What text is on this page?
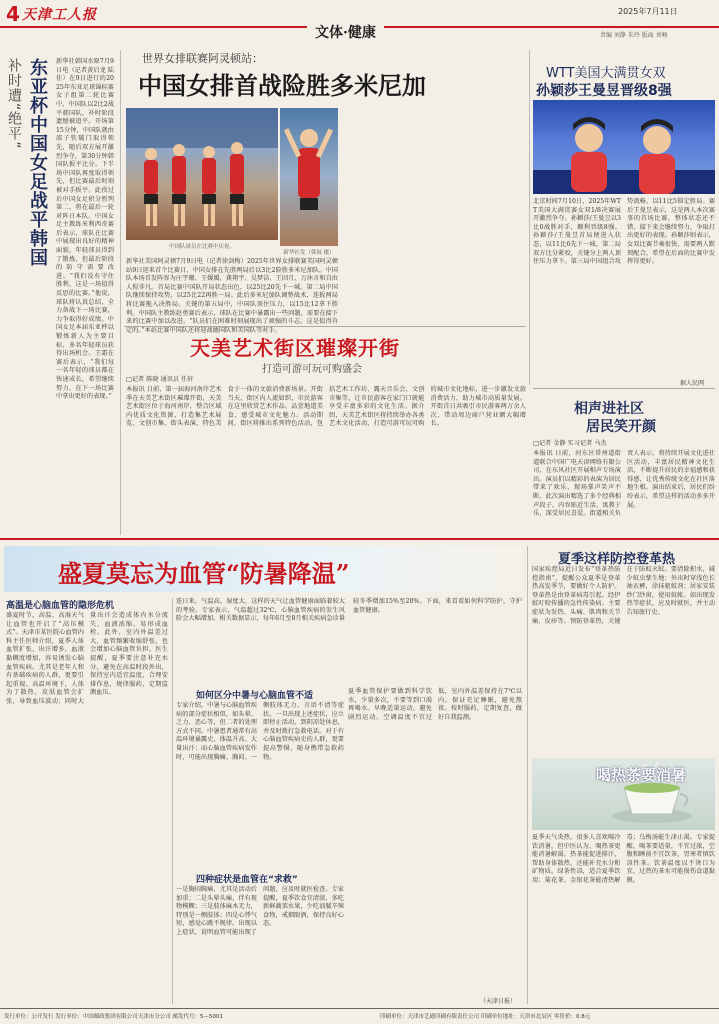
4 天津工人报	2025年7月11日
文体·健康	责编 刘静 朱玲 版面 刘畅
补时遭“绝平” 东亚杯中国女足战平韩国	新华社韩国水原7月9日电（记者黄启龙 陆佳）在9日进行的2025年东亚足球锦标赛女子组第二轮比赛中，中国队以2比2战平韩国队，补时阶段遗憾被追平。开场第15分钟，中国队就由邵子钦破门取得领先，随后双方展开激烈争夺，第30分钟韩国队扳平比分。下半场中国队再度取得领先，但比赛最后时刻被对手扳平。此役过后中国女足积分暂列第二，将在最后一轮对阵日本队。中国女足主教练米利西奇赛后表示，球队在比赛中展现出良好的精神面貌，年轻球员得到了锻炼，但最后阶段的防守需要改进。“我们没有守住胜利，这是一场值得反思的比赛。”他说，球队将认真总结，全力备战下一场比赛，力争取得好成绩。中国女足本届东亚杯以锻炼新人为主要目标，多名年轻球员获得出场机会。王霜在赛后表示，“我们每一名年轻的球员都在快速成长，希望继续努力，在下一场比赛中拿出更好的表现。”
世界女排联赛阿灵顿站：
中国女排首战险胜多米尼加
中国队球员在比赛中庆祝。
新华社发（韩展 摄）
新华社美国阿灵顿7月9日电（记者徐剑梅）2025年世界女排联赛美国阿灵顿站9日迎来首个比赛日，中国女排在先胜两局后以3比2险胜多米尼加队。中国队本场首发阵容为庄宇珊、王媛媛、龚翔宇、吴梦洁、王因月、万沐言和自由人倪非凡。首局比赛中国队开局状态出色，以25比20先下一城。第二局中国队继续保持攻势，以25比22再胜一局。此后多米尼加队调整战术，连扳两局将比赛拖入决胜局。关键的第五局中，中国队顶住压力，以15比12拿下胜利。中国队主教练赵勇赛后表示，球队在比赛中暴露出一些问题，需要在接下来的比赛中加以改进。“队员们在困难时刻展现出了顽强的斗志，这是值得肯定的。”本站比赛中国队还将迎战德国队和美国队等对手。
WTT美国大满贯女双
孙颖莎王曼昱晋级8强
北京时间7月10日，2025年WTT美国大满贯赛女双1/8决赛展开激烈争夺。孙颖莎/王曼昱以3比0战胜对手，顺利晋级8强。孙颖莎/王曼昱首局便进入状态，以11比6先下一城。第二局双方比分紧咬，关键分上两人顶住压力拿下。第三局中国组合攻势流畅，以11比5锁定胜局。赛后王曼昱表示，这是两人本次赛事的首场比赛，整体状态还不错，接下来会继续努力，争取打出更好的表现。孙颖莎则表示，女双比赛节奏很快，需要两人默契配合，希望在后面的比赛中发挥得更好。
据人民网
天美艺术街区璀璨开街
打造可游可玩可购盛会
□记者 陈晓 通讯员 任轩
本报讯 日前，第一届海河南岸艺术季在天美艺术街区璀璨开街，天美艺术街区位于海河南岸，整合区域内优质文化资源，打造集艺术展览、文创市集、街头表演、特色美食于一体的文旅消费新场景。开街当天，街区内人流如织，市民游客在这里欣赏艺术作品、品尝地道美食、感受城市文化魅力。活动期间，街区将推出系列特色活动，包括艺术工作坊、露天音乐会、文创市集等，让市民游客在家门口就能享受丰富多彩的文化生活。据介绍，天美艺术街区将持续举办各类艺术文化活动，打造可游可玩可购的城市文化地标，进一步激发文旅消费活力，助力城市高质量发展。开街首日共吸引市民游客两万余人次，带动周边商户营业额大幅增长。
相声进社区
居民笑开颜
□记者 金静 实习记者 马杰
本报讯 日前，河东区常州道街道联合中国广电天津网络有限公司，在东风社区开展相声专场演出。演员们以精彩的表演为居民带来了欢乐，现场掌声笑声不断。此次演出精选了多个经典相声段子，内容贴近生活、寓教于乐，深受居民喜爱。街道相关负责人表示，将持续开展文化进社区活动，丰富居民精神文化生活，不断提升居民的幸福感和获得感，让优秀传统文化在社区落地生根。演出结束后，居民们纷纷表示，希望这样的活动多多开展。
盛夏莫忘为血管“防暑降温”
高温是心脑血管的隐形危机
盛夏时节，高温、高湿天气让血管也开启了“高压模式”。天津市某医院心血管内科主任医师介绍，夏季人体血管扩张，出汗增多，血液黏稠度增加，容易诱发心脑血管疾病。尤其是老年人和有基础疾病的人群，更要引起重视。高温环境下，人体为了散热，皮肤血管会扩张，导致血压波动；同时大量出汗会造成体内水分流失，血液浓缩，易形成血栓。此外，室内外温差过大，血管频繁收缩舒张，也会增加心脑血管负担。医生提醒，夏季要注意补充水分，避免在高温时段外出，保持室内适宜温度，合理安排作息，规律服药，定期监测血压。
连日来，气温高、湿度大，这样的天气让血管健康面临着较大的考验。专家表示，气温超过32℃，心脑血管疾病的发生风险会大幅增加。相关数据显示，每年6月至8月相关疾病急诊量较冬季增加15%至20%。下面，来看看如何科学防护，守护血管健康。
如何区分中暑与心脑血管不适
专家介绍，中暑与心脑血管疾病的部分症状相似，如头晕、乏力、恶心等，但二者的处理方式不同。中暑患者通常有高温环境暴露史，体温升高、大量出汗；而心脑血管疾病发作时，可能出现胸痛、胸闷、一侧肢体无力、言语不清等症状。一旦出现上述症状，应立即停止活动，到阴凉处休息，并及时拨打急救电话。对于有心脑血管疾病史的人群，更要提高警惕，随身携带急救药物。
四种症状是血管在“求救”
一是胸闷胸痛，尤其是活动后加重；二是头晕头痛，伴有视物模糊；三是肢体麻木无力，特别是一侧肢体；四是心悸气短，感觉心跳不规律。出现以上症状，说明血管可能出现了问题，应及时就医检查。专家提醒，夏季饮食宜清淡，多吃新鲜蔬菜水果，少吃油腻辛辣食物，戒烟限酒，保持良好心态。
夏季血管保护要做到科学饮水，少量多次，不要等到口渴再喝水。早晚适量运动，避免剧烈运动。空调温度不宜过低，室内外温差保持在7℃以内。保证充足睡眠，避免熬夜。按时服药，定期复查，做好自我监测。
（天津日报）
夏季这样防控登革热
国家疾控局近日发布“登革热防控指南”，提醒公众夏季是登革热高发季节，要做好个人防护。登革热是由登革病毒引起、经伊蚊叮咬传播的急性传染病。主要症状为发热、头痛、肌肉和关节痛、皮疹等。预防登革热，关键在于防蚊灭蚊。要清除积水，减少蚊虫孳生地；外出时穿浅色长袖衣裤，涂抹驱蚊剂；居家安装纱门纱窗，使用蚊帐。如出现发热等症状，应及时就医，并主动告知旅行史。
喝热茶要消暑
夏季天气炎热，很多人喜欢喝冷饮消暑，但中医认为，喝热茶更能消暑解渴。热茶能促进排汗，帮助身体散热，还能补充水分和矿物质。绿茶性凉，适合夏季饮用；菊花茶、金银花茶能清热解毒；乌梅汤能生津止渴。专家提醒，喝茶要适量，不宜过浓，空腹和睡前不宜饮茶，胃寒者慎饮凉性茶。饮茶温度以不烫口为宜，过热的茶水可能损伤食道黏膜。
发行单位：公开发行 发行单位：中国邮政集团有限公司天津市分公司 邮发代号：5—5001	印刷单位：天津市艺通印刷有限责任公司 印刷单位地址：天津市北辰区 零售价：0.8元
